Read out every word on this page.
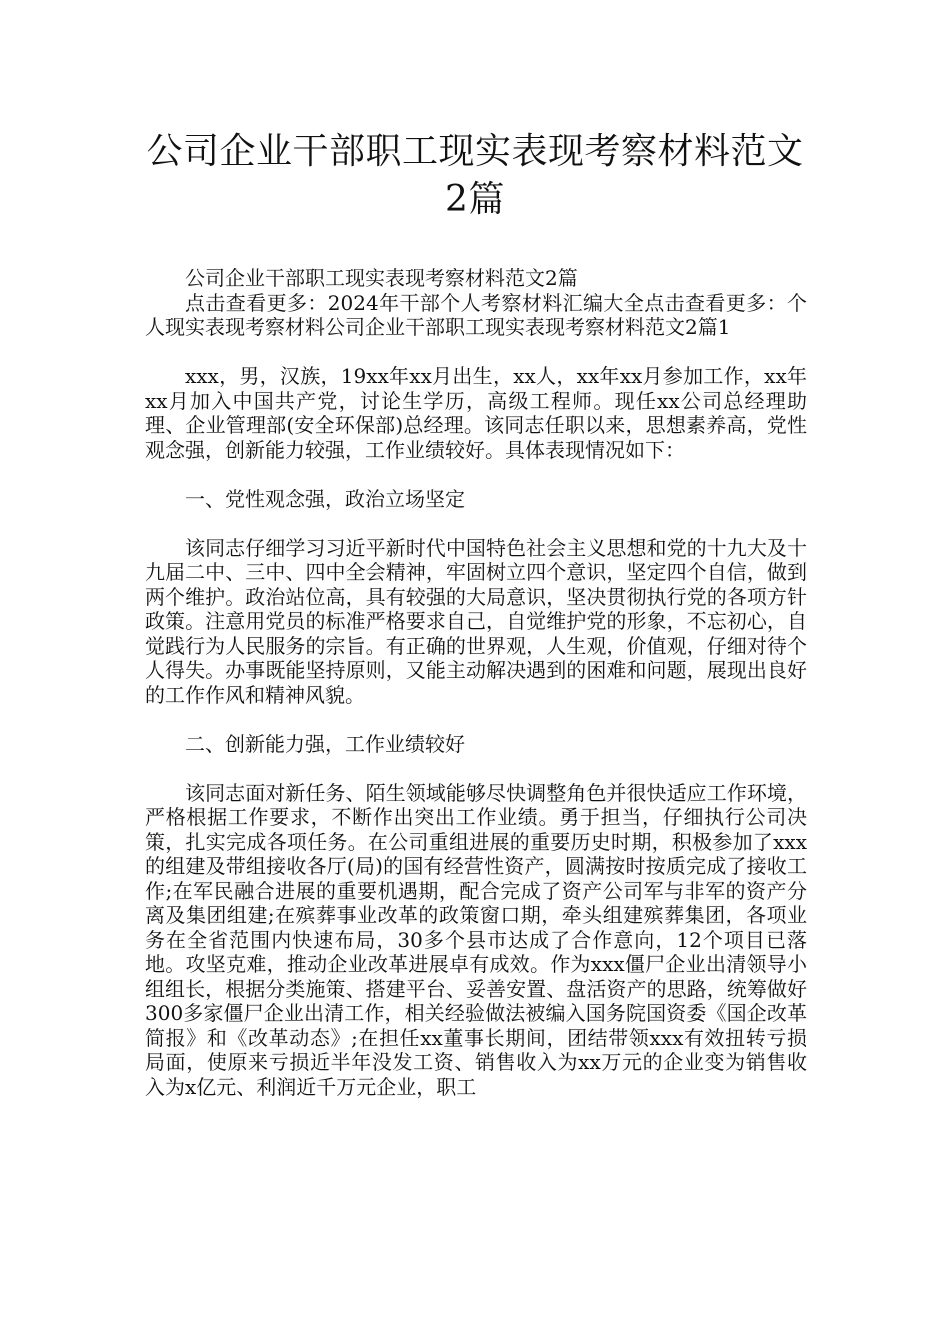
公司企业干部职工现实表现考察材料范文2篇

公司企业干部职工现实表现考察材料范文2篇

点击查看更多：2024年干部个人考察材料汇编大全点击查看更多：个人现实表现考察材料公司企业干部职工现实表现考察材料范文2篇1

xxx，男，汉族，19xx年xx月出生，xx人，xx年xx月参加工作，xx年xx月加入中国共产党，讨论生学历，高级工程师。现任xx公司总经理助理、企业管理部(安全环保部)总经理。该同志任职以来，思想素养高，党性观念强，创新能力较强，工作业绩较好。具体表现情况如下：

一、党性观念强，政治立场坚定

该同志仔细学习习近平新时代中国特色社会主义思想和党的十九大及十九届二中、三中、四中全会精神，牢固树立四个意识，坚定四个自信，做到两个维护。政治站位高，具有较强的大局意识，坚决贯彻执行党的各项方针政策。注意用党员的标准严格要求自己，自觉维护党的形象，不忘初心，自觉践行为人民服务的宗旨。有正确的世界观，人生观，价值观，仔细对待个人得失。办事既能坚持原则，又能主动解决遇到的困难和问题，展现出良好的工作作风和精神风貌。

二、创新能力强，工作业绩较好

该同志面对新任务、陌生领域能够尽快调整角色并很快适应工作环境，严格根据工作要求，不断作出突出工作业绩。勇于担当，仔细执行公司决策，扎实完成各项任务。在公司重组进展的重要历史时期，积极参加了xxx的组建及带组接收各厅(局)的国有经营性资产，圆满按时按质完成了接收工作;在军民融合进展的重要机遇期，配合完成了资产公司军与非军的资产分离及集团组建;在殡葬事业改革的政策窗口期，牵头组建殡葬集团，各项业务在全省范围内快速布局，30多个县市达成了合作意向，12个项目已落地。攻坚克难，推动企业改革进展卓有成效。作为xxx僵尸企业出清领导小组组长，根据分类施策、搭建平台、妥善安置、盘活资产的思路，统筹做好300多家僵尸企业出清工作，相关经验做法被编入国务院国资委《国企改革简报》和《改革动态》;在担任xx董事长期间，团结带领xxx有效扭转亏损局面，使原来亏损近半年没发工资、销售收入为xx万元的企业变为销售收入为x亿元、利润近千万元企业，职工
